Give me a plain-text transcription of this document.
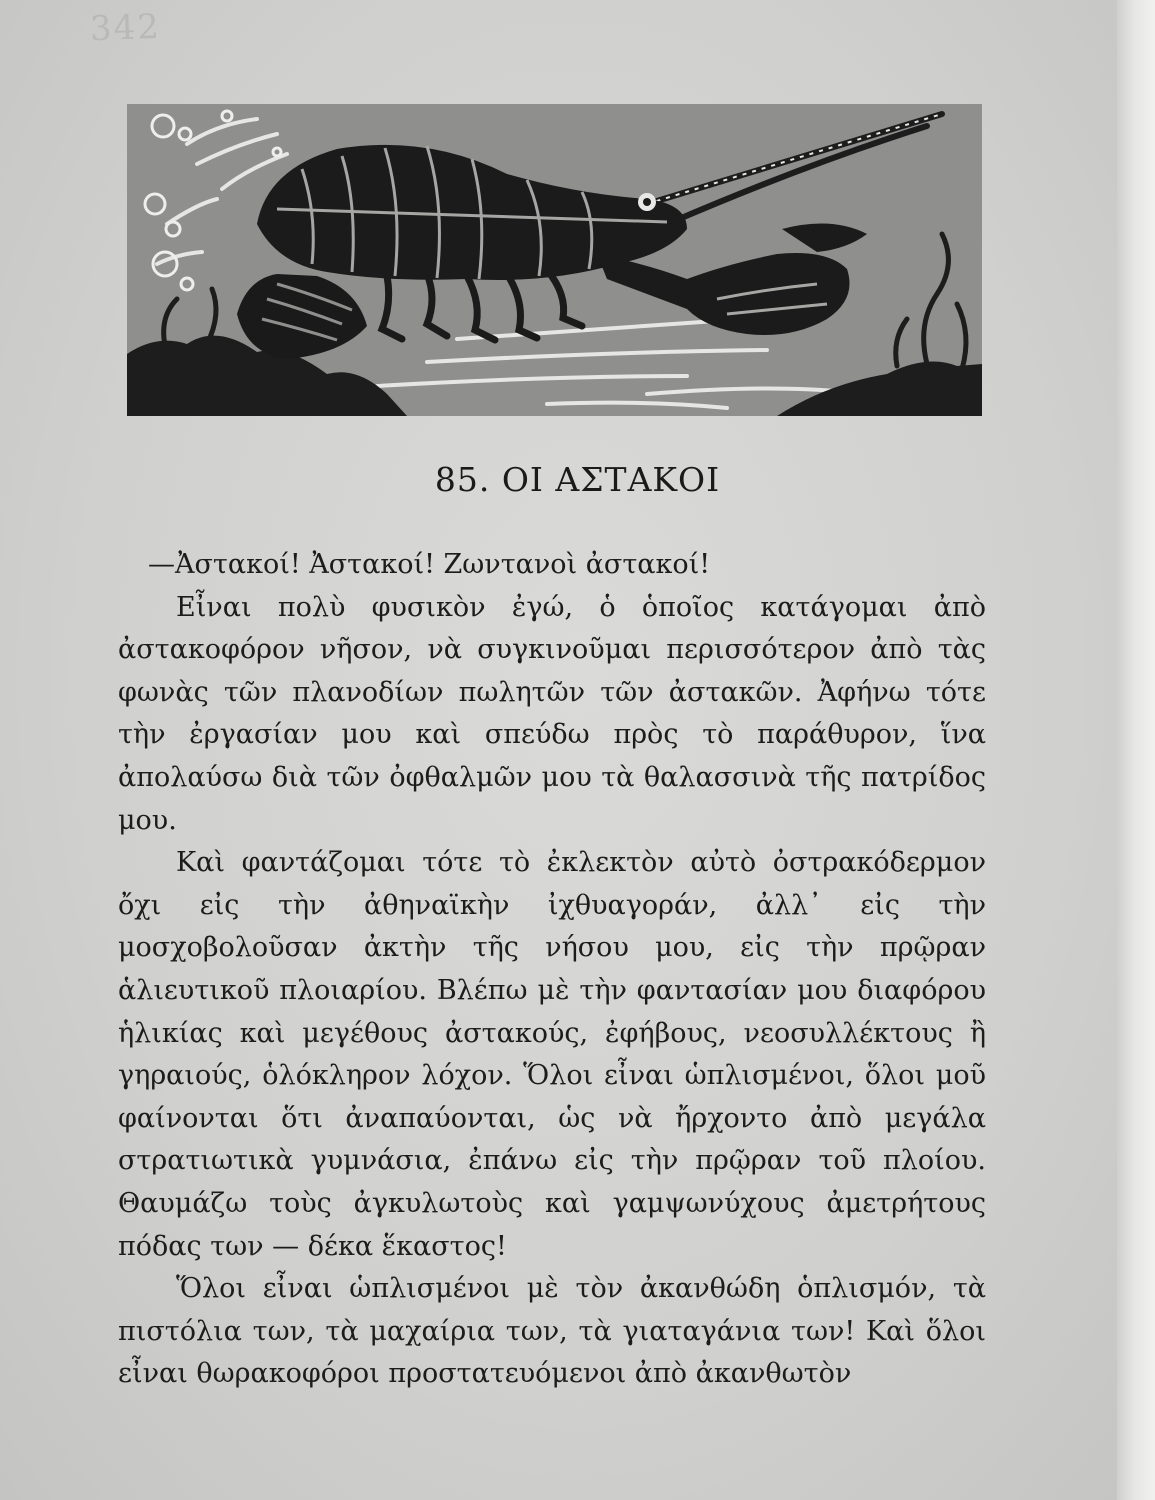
342
85. ΟΙ ΑΣΤΑΚΟΙ

—Ἀστακοί! Ἀστακοί! Ζωντανοὶ ἀστακοί!

Εἶναι πολὺ φυσικὸν ἐγώ, ὁ ὁποῖος κατάγομαι ἀπὸ ἀστακοφόρον νῆσον, νὰ συγκινοῦμαι περισσότερον ἀπὸ τὰς φωνὰς τῶν πλανοδίων πωλητῶν τῶν ἀστακῶν. Ἀφήνω τότε τὴν ἐργασίαν μου καὶ σπεύδω πρὸς τὸ παράθυρον, ἵνα ἀπολαύσω διὰ τῶν ὀφθαλμῶν μου τὰ θαλασσινὰ τῆς πατρίδος μου.

Καὶ φαντάζομαι τότε τὸ ἐκλεκτὸν αὐτὸ ὀστρακόδερμον ὄχι εἰς τὴν ἀθηναϊκὴν ἰχθυαγοράν, ἀλλ᾽ εἰς τὴν μοσχοβολοῦσαν ἀκτὴν τῆς νήσου μου, εἰς τὴν πρῷραν ἁλιευτικοῦ πλοιαρίου. Βλέπω μὲ τὴν φαντασίαν μου διαφόρου ἡλικίας καὶ μεγέθους ἀστακούς, ἐφήβους, νεοσυλλέκτους ἢ γηραιούς, ὁλόκληρον λόχον. Ὅλοι εἶναι ὡπλισμένοι, ὅλοι μοῦ φαίνονται ὅτι ἀναπαύονται, ὡς νὰ ἤρχοντο ἀπὸ μεγάλα στρατιωτικὰ γυμνάσια, ἐπάνω εἰς τὴν πρῷραν τοῦ πλοίου. Θαυμάζω τοὺς ἀγκυλωτοὺς καὶ γαμψωνύχους ἀμετρήτους πόδας των — δέκα ἕκαστος!

Ὅλοι εἶναι ὡπλισμένοι μὲ τὸν ἀκανθώδη ὁπλισμόν, τὰ πιστόλια των, τὰ μαχαίρια των, τὰ γιαταγάνια των! Καὶ ὅλοι εἶναι θωρακοφόροι προστατευόμενοι ἀπὸ ἀκανθωτὸν
